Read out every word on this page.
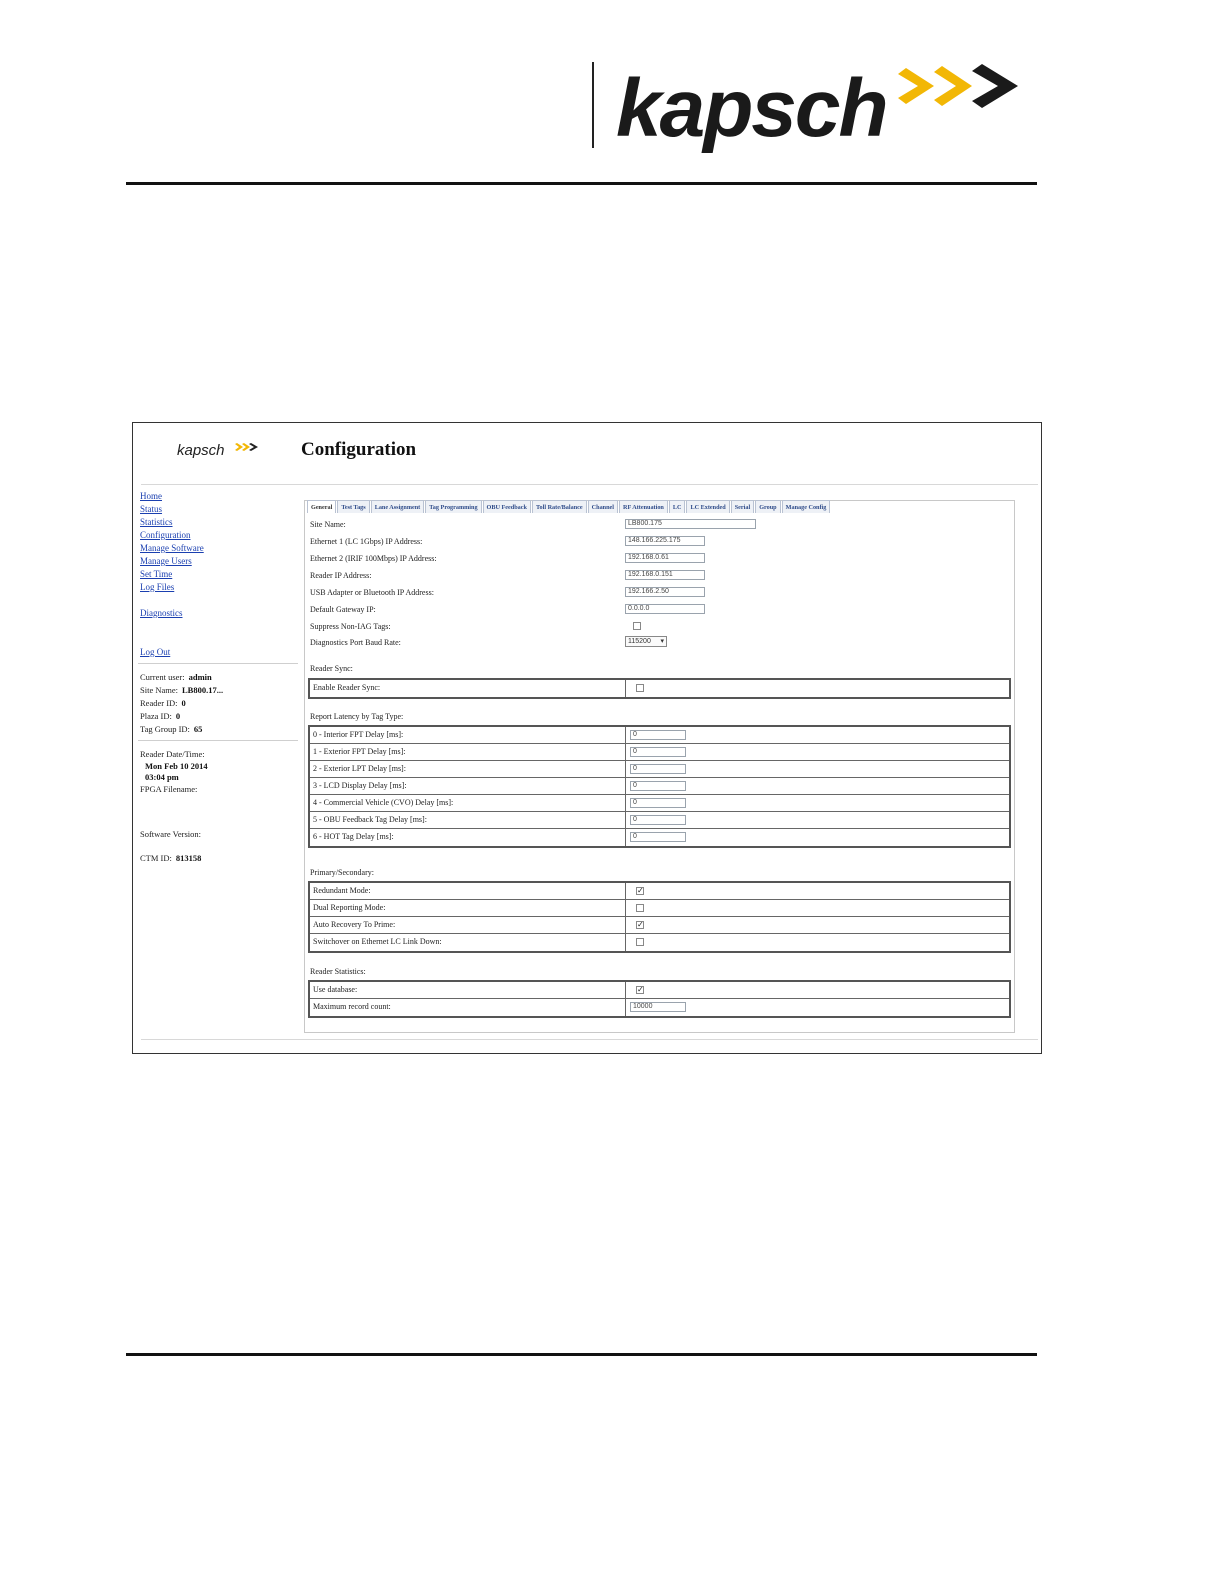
kapsch
kapsch	Configuration
Home
Status
Statistics
Configuration
Manage Software
Manage Users
Set Time
Log Files
Diagnostics
Log Out
Current user: admin
Site Name: LB800.17...
Reader ID: 0
Plaza ID: 0
Tag Group ID: 65
Reader Date/Time:
Mon Feb 10 2014
03:04 pm
FPGA Filename:
Software Version:
CTM ID: 813158
General	Test Tags	Lane Assignment	Tag Programming	OBU Feedback	Toll Rate/Balance	Channel	RF Attenuation	LC	LC Extended	Serial	Group	Manage Config
Site Name:	LB800.175
Ethernet 1 (LC 1Gbps) IP Address:	148.166.225.175
Ethernet 2 (IRIF 100Mbps) IP Address:	192.168.0.61
Reader IP Address:	192.168.0.151
USB Adapter or Bluetooth IP Address:	192.166.2.50
Default Gateway IP:	0.0.0.0
Suppress Non-IAG Tags:
Diagnostics Port Baud Rate:	115200 ▾
Reader Sync:
Enable Reader Sync:
Report Latency by Tag Type:
0 - Interior FPT Delay [ms]:	0
1 - Exterior FPT Delay [ms]:	0
2 - Exterior LPT Delay [ms]:	0
3 - LCD Display Delay [ms]:	0
4 - Commercial Vehicle (CVO) Delay [ms]:	0
5 - OBU Feedback Tag Delay [ms]:	0
6 - HOT Tag Delay [ms]:	0
Primary/Secondary:
Redundant Mode:	✓
Dual Reporting Mode:
Auto Recovery To Prime:	✓
Switchover on Ethernet LC Link Down:
Reader Statistics:
Use database:	✓
Maximum record count:	10000
